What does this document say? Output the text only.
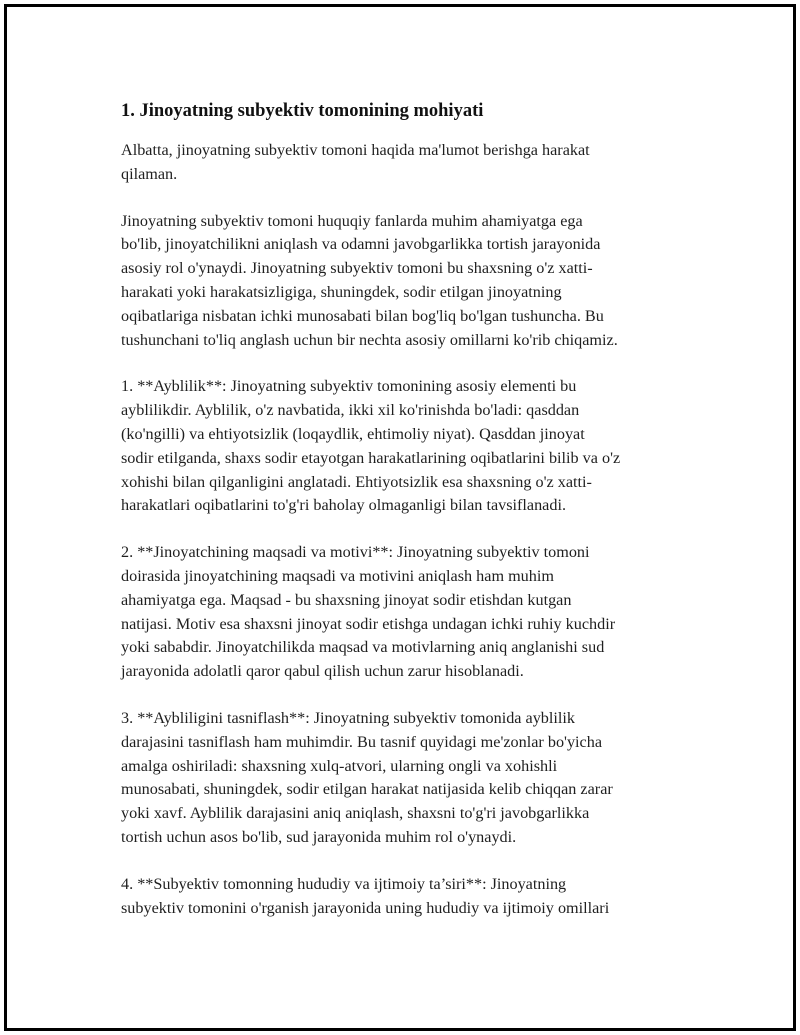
1. Jinoyatning subyektiv tomonining mohiyati

Albatta, jinoyatning subyektiv tomoni haqida ma'lumot berishga harakat
qilaman.

Jinoyatning subyektiv tomoni huquqiy fanlarda muhim ahamiyatga ega
bo'lib, jinoyatchilikni aniqlash va odamni javobgarlikka tortish jarayonida
asosiy rol o'ynaydi. Jinoyatning subyektiv tomoni bu shaxsning o'z xatti-
harakati yoki harakatsizligiga, shuningdek, sodir etilgan jinoyatning
oqibatlariga nisbatan ichki munosabati bilan bog'liq bo'lgan tushuncha. Bu
tushunchani to'liq anglash uchun bir nechta asosiy omillarni ko'rib chiqamiz.

1. **Ayblilik**: Jinoyatning subyektiv tomonining asosiy elementi bu
ayblilikdir. Ayblilik, o'z navbatida, ikki xil ko'rinishda bo'ladi: qasddan
(ko'ngilli) va ehtiyotsizlik (loqaydlik, ehtimoliy niyat). Qasddan jinoyat
sodir etilganda, shaxs sodir etayotgan harakatlarining oqibatlarini bilib va o'z
xohishi bilan qilganligini anglatadi. Ehtiyotsizlik esa shaxsning o'z xatti-
harakatlari oqibatlarini to'g'ri baholay olmaganligi bilan tavsiflanadi.

2. **Jinoyatchining maqsadi va motivi**: Jinoyatning subyektiv tomoni
doirasida jinoyatchining maqsadi va motivini aniqlash ham muhim
ahamiyatga ega. Maqsad - bu shaxsning jinoyat sodir etishdan kutgan
natijasi. Motiv esa shaxsni jinoyat sodir etishga undagan ichki ruhiy kuchdir
yoki sababdir. Jinoyatchilikda maqsad va motivlarning aniq anglanishi sud
jarayonida adolatli qaror qabul qilish uchun zarur hisoblanadi.

3. **Aybliligini tasniflash**: Jinoyatning subyektiv tomonida ayblilik
darajasini tasniflash ham muhimdir. Bu tasnif quyidagi me'zonlar bo'yicha
amalga oshiriladi: shaxsning xulq-atvori, ularning ongli va xohishli
munosabati, shuningdek, sodir etilgan harakat natijasida kelib chiqqan zarar
yoki xavf. Ayblilik darajasini aniq aniqlash, shaxsni to'g'ri javobgarlikka
tortish uchun asos bo'lib, sud jarayonida muhim rol o'ynaydi.

4. **Subyektiv tomonning hududiy va ijtimoiy ta’siri**: Jinoyatning
subyektiv tomonini o'rganish jarayonida uning hududiy va ijtimoiy omillari
